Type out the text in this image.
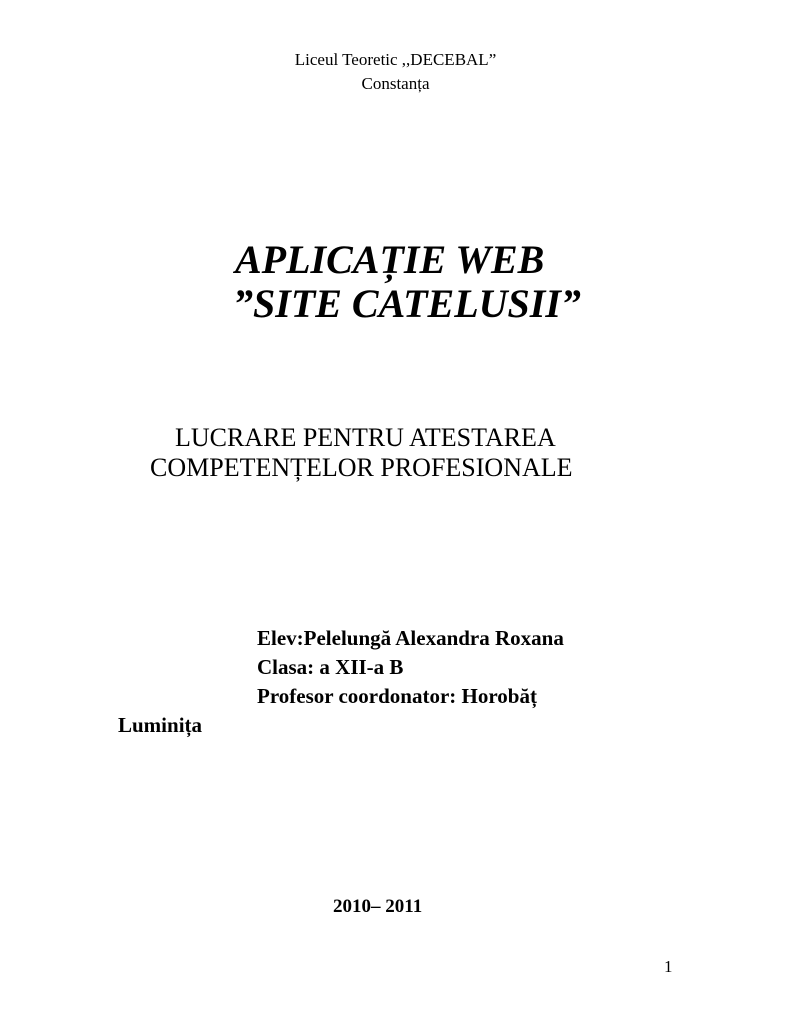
Liceul Teoretic ,,DECEBAL”
Constanța
APLICAȚIE WEB
”SITE CATELUSII”
LUCRARE PENTRU ATESTAREA
COMPETENȚELOR PROFESIONALE
Elev:Pelelungă Alexandra Roxana
Clasa: a XII-a B
Profesor coordonator: Horobăț
Luminița
2010– 2011
1
